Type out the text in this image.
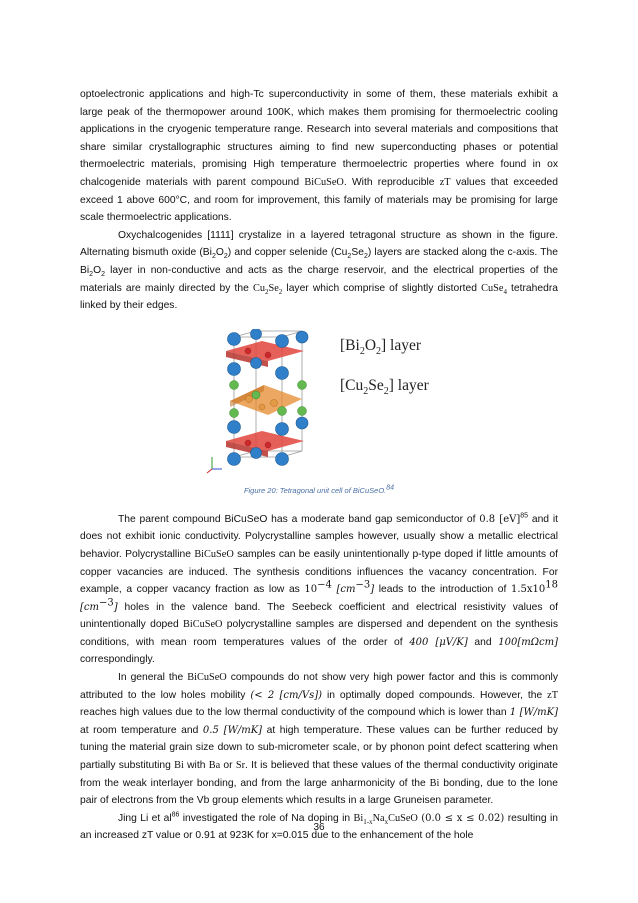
optoelectronic applications and high-Tc superconductivity in some of them, these materials exhibit a large peak of the thermopower around 100K, which makes them promising for thermoelectric cooling applications in the cryogenic temperature range. Research into several materials and compositions that share similar crystallographic structures aiming to find new superconducting phases or potential thermoelectric materials, promising High temperature thermoelectric properties where found in ox chalcogenide materials with parent compound BiCuSeO. With reproducible zT values that exceeded exceed 1 above 600°C, and room for improvement, this family of materials may be promising for large scale thermoelectric applications.

Oxychalcogenides [1111] crystalize in a layered tetragonal structure as shown in the figure. Alternating bismuth oxide $(Bi_2O_2)$ and copper selenide $(Cu_2Se_2)$ layers are stacked along the c-axis. The $Bi_2O_2$ layer in non-conductive and acts as the charge reservoir, and the electrical properties of the materials are mainly directed by the $Cu_2Se_2$ layer which comprise of slightly distorted CuSe$_4$ tetrahedra linked by their edges.

$[Bi_2O_2]$ layer
$[Cu_2Se_2]$ layer
Figure 20: Tetragonal unit cell of BiCuSeO.$^{84}$

The parent compound BiCuSeO has a moderate band gap semiconductor of 0.8 [eV]$^{85}$ and it does not exhibit ionic conductivity. Polycrystalline samples however, usually show a metallic electrical behavior. Polycrystalline BiCuSeO samples can be easily unintentionally p-type doped if little amounts of copper vacancies are induced. The synthesis conditions influences the vacancy concentration. For example, a copper vacancy fraction as low as $10^{-4}$ $[cm^{-3}]$ leads to the introduction of $1.5x10^{18}$ $[cm^{-3}]$ holes in the valence band. The Seebeck coefficient and electrical resistivity values of unintentionally doped BiCuSeO polycrystalline samples are dispersed and dependent on the synthesis conditions, with mean room temperatures values of the order of 400 [μV/K] and 100[mΩcm] correspondingly.

In general the BiCuSeO compounds do not show very high power factor and this is commonly attributed to the low holes mobility (< 2 [cm/Vs]) in optimally doped compounds. However, the zT reaches high values due to the low thermal conductivity of the compound which is lower than 1 [W/mK] at room temperature and 0.5 [W/mK] at high temperature. These values can be further reduced by tuning the material grain size down to sub-micrometer scale, or by phonon point defect scattering when partially substituting Bi with Ba or Sr. It is believed that these values of the thermal conductivity originate from the weak interlayer bonding, and from the large anharmonicity of the Bi bonding, due to the lone pair of electrons from the Vb group elements which results in a large Gruneisen parameter.

Jing Li et $al^{86}$ investigated the role of Na doping in $Bi_{1-x}Na_xCuSeO$ (0.0 ≤ x ≤ 0.02) resulting in an increased zT value or 0.91 at 923K for x=0.015 due to the enhancement of the hole

36
